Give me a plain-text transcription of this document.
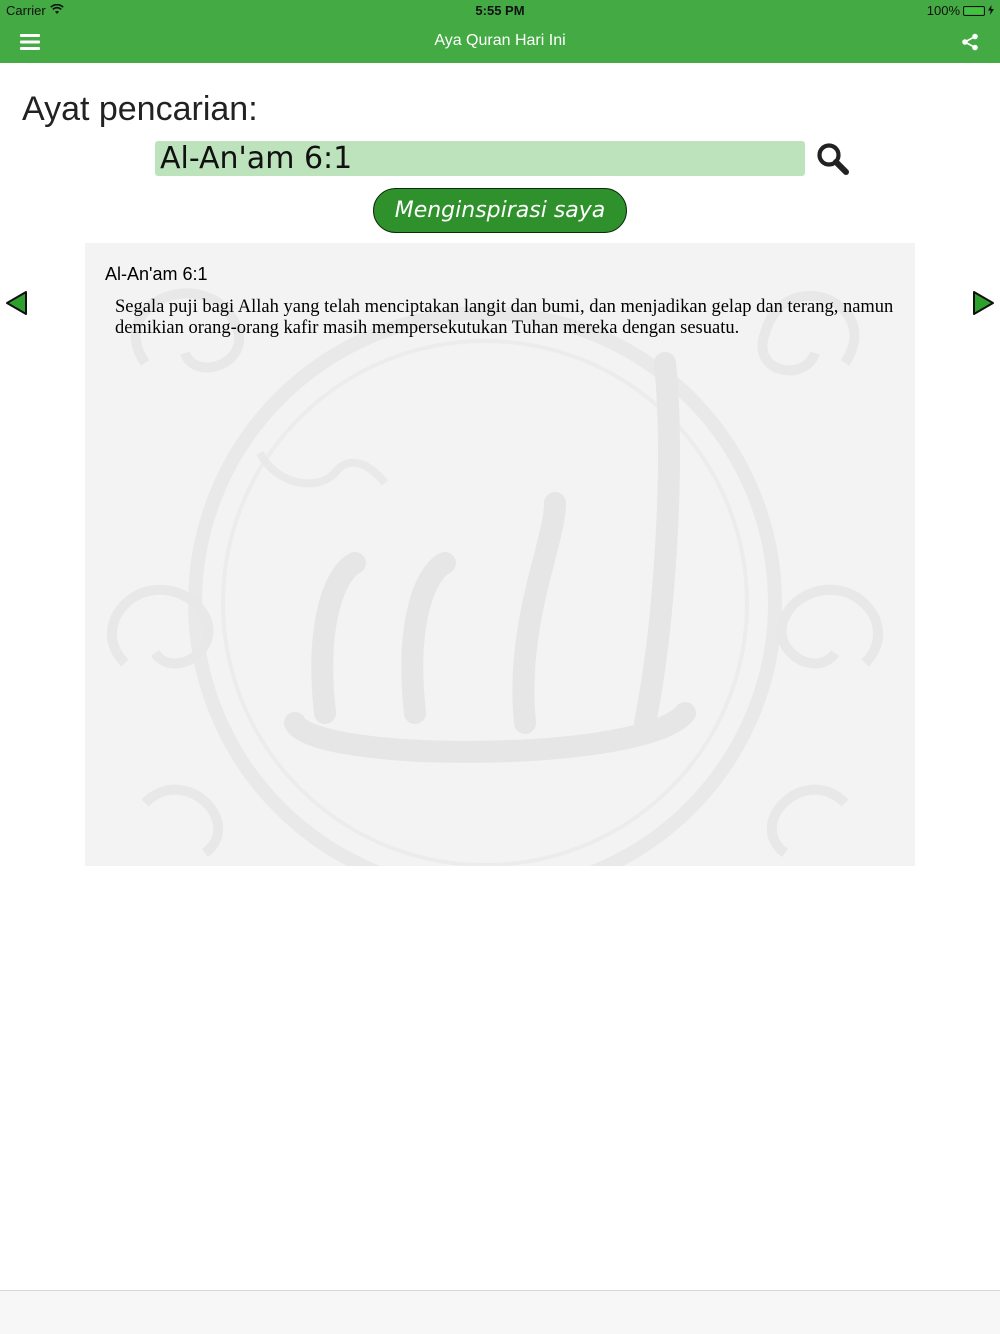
Carrier	5:55 PM	100%
Aya Quran Hari Ini
Ayat pencarian:
Al-An'am 6:1
Menginspirasi saya
Al-An'am 6:1
Segala puji bagi Allah yang telah menciptakan langit dan bumi, dan menjadikan gelap dan terang, namun demikian orang-orang kafir masih mempersekutukan Tuhan mereka dengan sesuatu.
